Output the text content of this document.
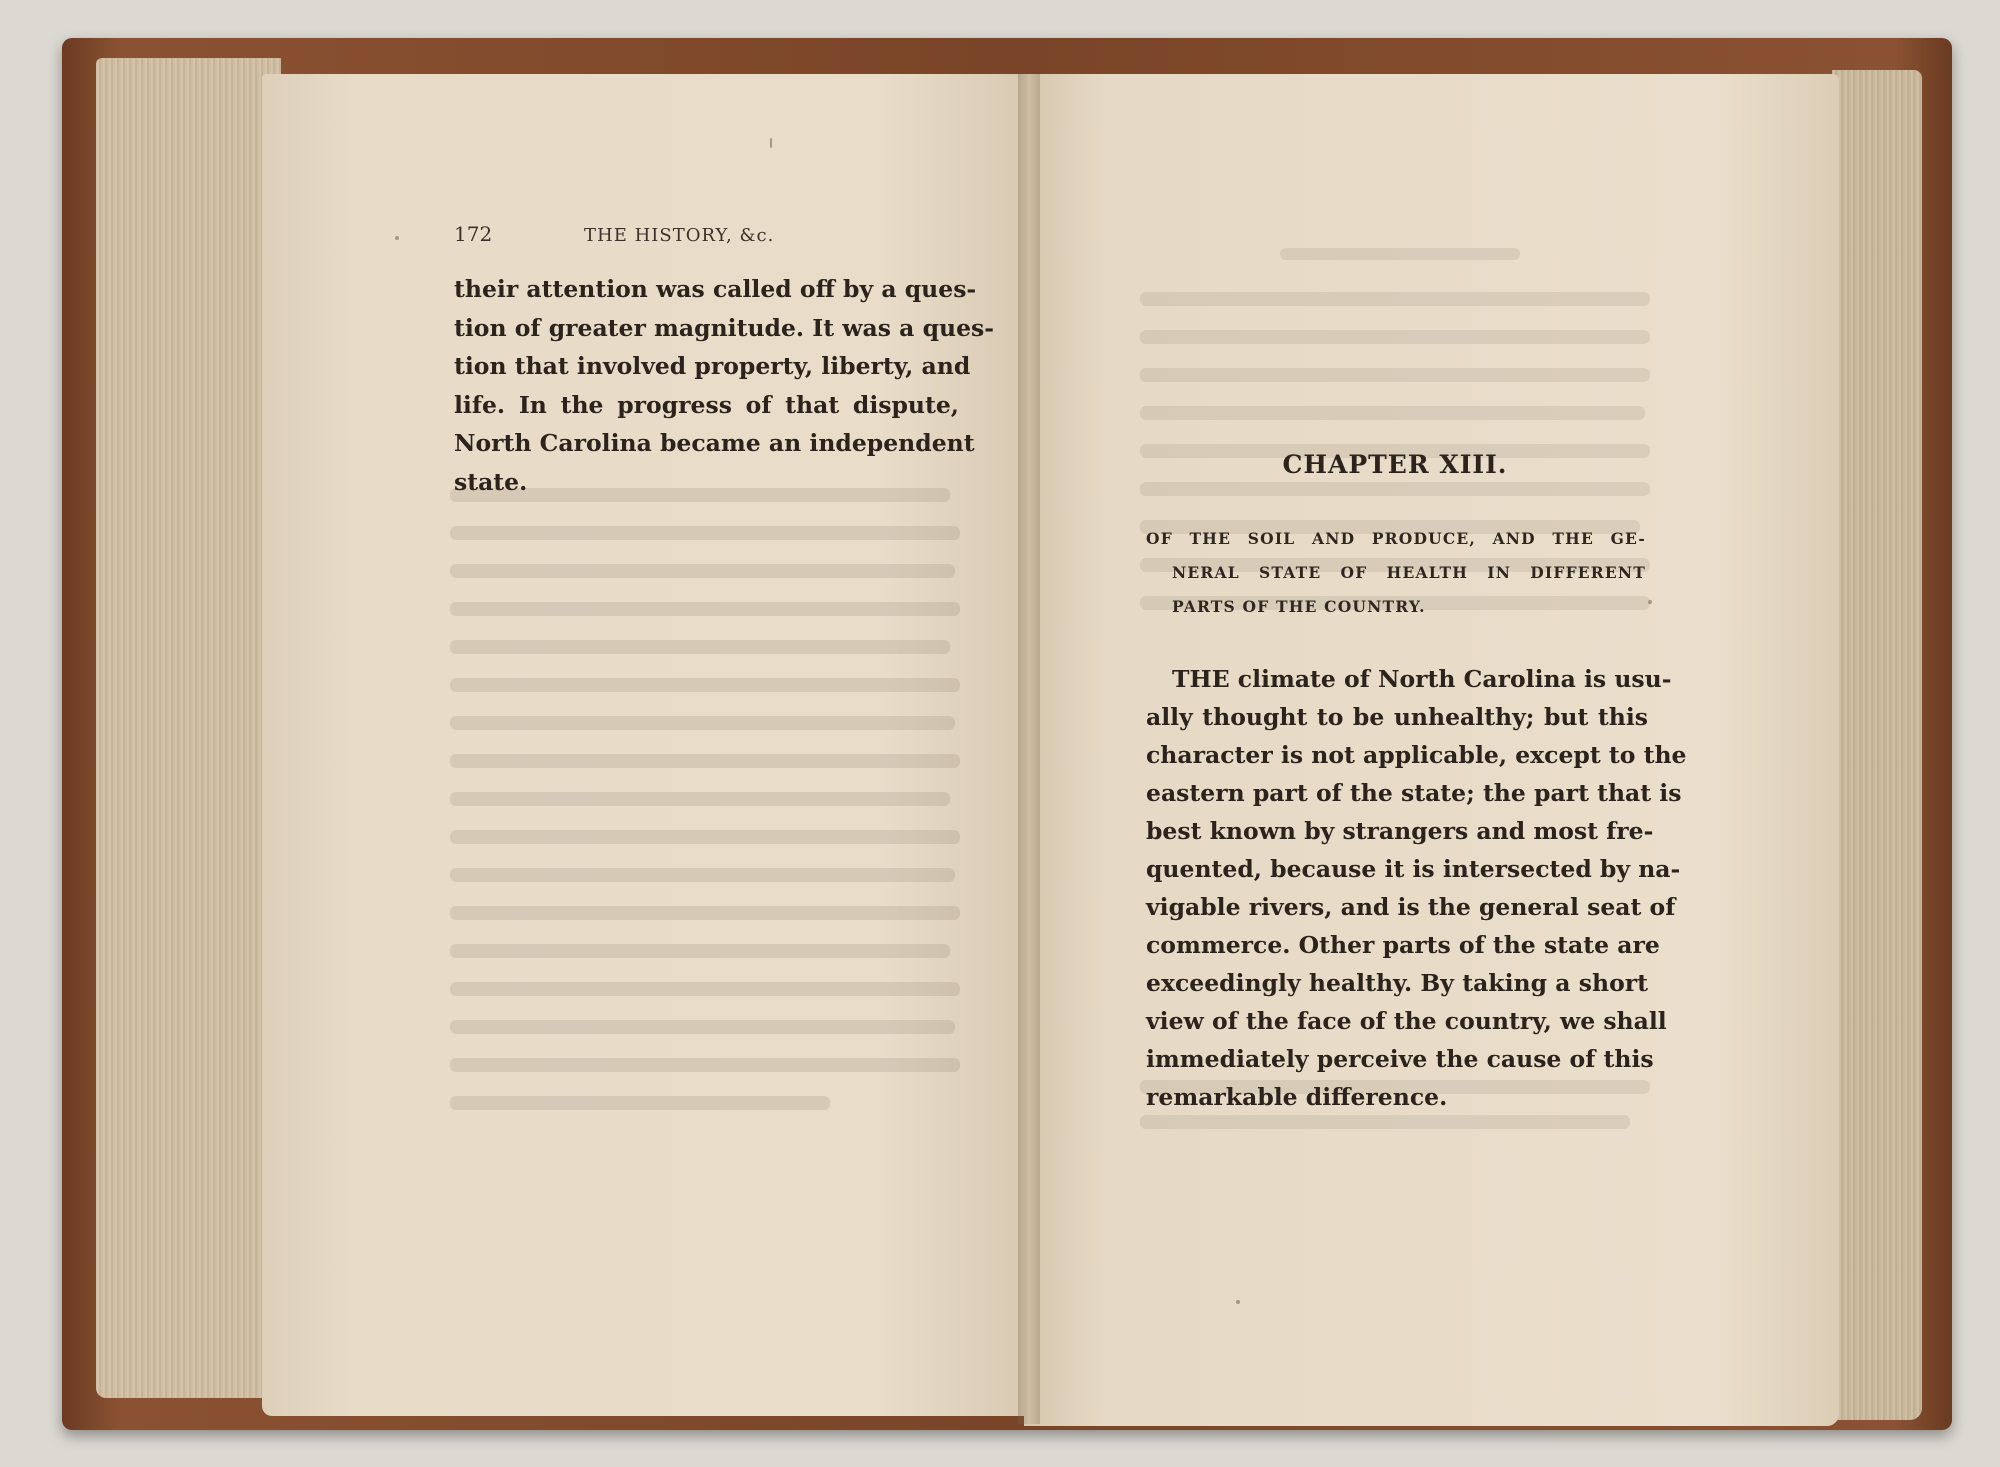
172	THE HISTORY, &c.
their attention was called off by a ques-
tion of greater magnitude. It was a ques-
tion that involved property, liberty, and
life. In the progress of that dispute,
North Carolina became an independent
state.
CHAPTER XIII.
OF THE SOIL AND PRODUCE, AND THE GE-
NERAL STATE OF HEALTH IN DIFFERENT
PARTS OF THE COUNTRY.
THE climate of North Carolina is usu-
ally thought to be unhealthy; but this
character is not applicable, except to the
eastern part of the state; the part that is
best known by strangers and most fre-
quented, because it is intersected by na-
vigable rivers, and is the general seat of
commerce. Other parts of the state are
exceedingly healthy. By taking a short
view of the face of the country, we shall
immediately perceive the cause of this
remarkable difference.
